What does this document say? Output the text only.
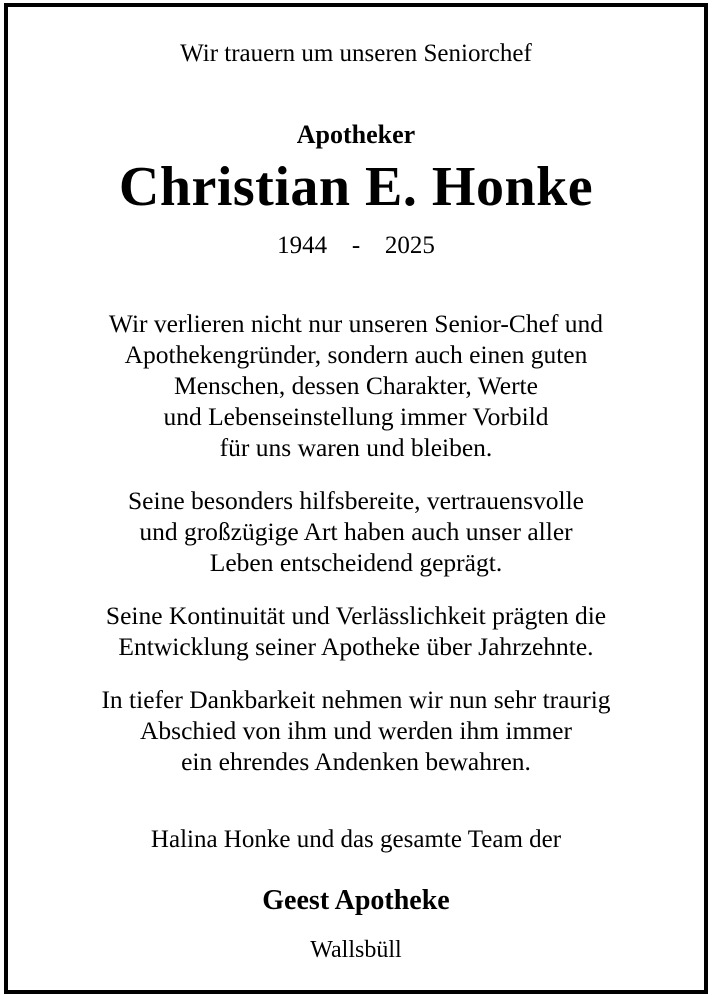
Wir trauern um unseren Seniorchef
Apotheker
Christian E. Honke
1944   -   2025
Wir verlieren nicht nur unseren Senior-Chef und
Apothekengründer, sondern auch einen guten
Menschen, dessen Charakter, Werte
und Lebenseinstellung immer Vorbild
für uns waren und bleiben.
Seine besonders hilfsbereite, vertrauensvolle
und großzügige Art haben auch unser aller
Leben entscheidend geprägt.
Seine Kontinuität und Verlässlichkeit prägten die
Entwicklung seiner Apotheke über Jahrzehnte.
In tiefer Dankbarkeit nehmen wir nun sehr traurig
Abschied von ihm und werden ihm immer
ein ehrendes Andenken bewahren.
Halina Honke und das gesamte Team der
Geest Apotheke
Wallsbüll
